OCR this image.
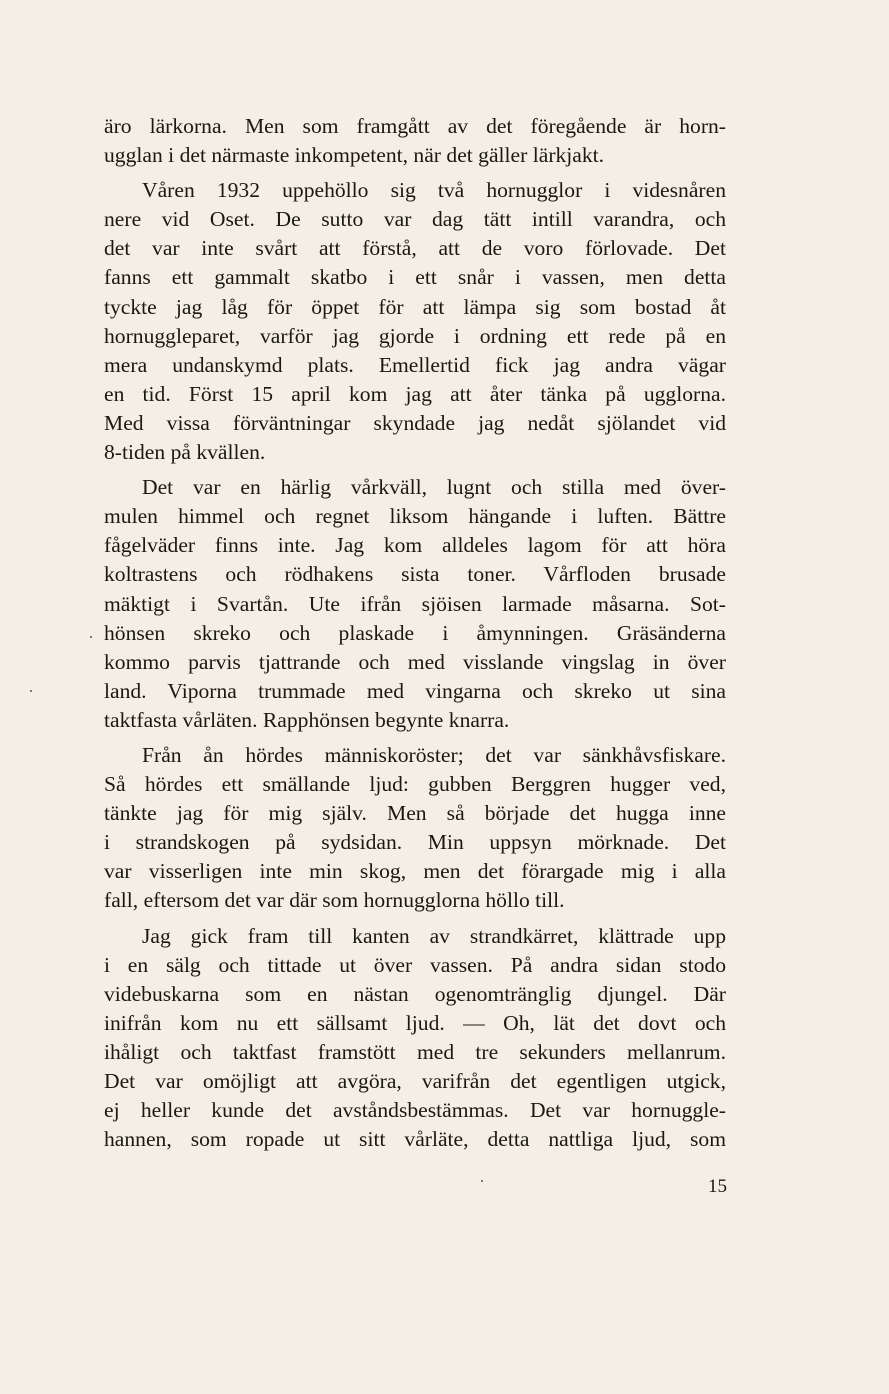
äro lärkorna. Men som framgått av det föregående är horn-
ugglan i det närmaste inkompetent, när det gäller lärkjakt.
Våren 1932 uppehöllo sig två hornugglor i videsnåren
nere vid Oset. De sutto var dag tätt intill varandra, och
det var inte svårt att förstå, att de voro förlovade. Det
fanns ett gammalt skatbo i ett snår i vassen, men detta
tyckte jag låg för öppet för att lämpa sig som bostad åt
hornuggleparet, varför jag gjorde i ordning ett rede på en
mera undanskymd plats. Emellertid fick jag andra vägar
en tid. Först 15 april kom jag att åter tänka på ugglorna.
Med vissa förväntningar skyndade jag nedåt sjölandet vid
8-tiden på kvällen.
Det var en härlig vårkväll, lugnt och stilla med över-
mulen himmel och regnet liksom hängande i luften. Bättre
fågelväder finns inte. Jag kom alldeles lagom för att höra
koltrastens och rödhakens sista toner. Vårfloden brusade
mäktigt i Svartån. Ute ifrån sjöisen larmade måsarna. Sot-
hönsen skreko och plaskade i åmynningen. Gräsänderna
kommo parvis tjattrande och med visslande vingslag in över
land. Viporna trummade med vingarna och skreko ut sina
taktfasta vårläten. Rapphönsen begynte knarra.
Från ån hördes människoröster; det var sänkhåvsfiskare.
Så hördes ett smällande ljud: gubben Berggren hugger ved,
tänkte jag för mig själv. Men så började det hugga inne
i strandskogen på sydsidan. Min uppsyn mörknade. Det
var visserligen inte min skog, men det förargade mig i alla
fall, eftersom det var där som hornugglorna höllo till.
Jag gick fram till kanten av strandkärret, klättrade upp
i en sälg och tittade ut över vassen. På andra sidan stodo
videbuskarna som en nästan ogenomtränglig djungel. Där
inifrån kom nu ett sällsamt ljud. — Oh, lät det dovt och
ihåligt och taktfast framstött med tre sekunders mellanrum.
Det var omöjligt att avgöra, varifrån det egentligen utgick,
ej heller kunde det avståndsbestämmas. Det var hornuggle-
hannen, som ropade ut sitt vårläte, detta nattliga ljud, som
15
